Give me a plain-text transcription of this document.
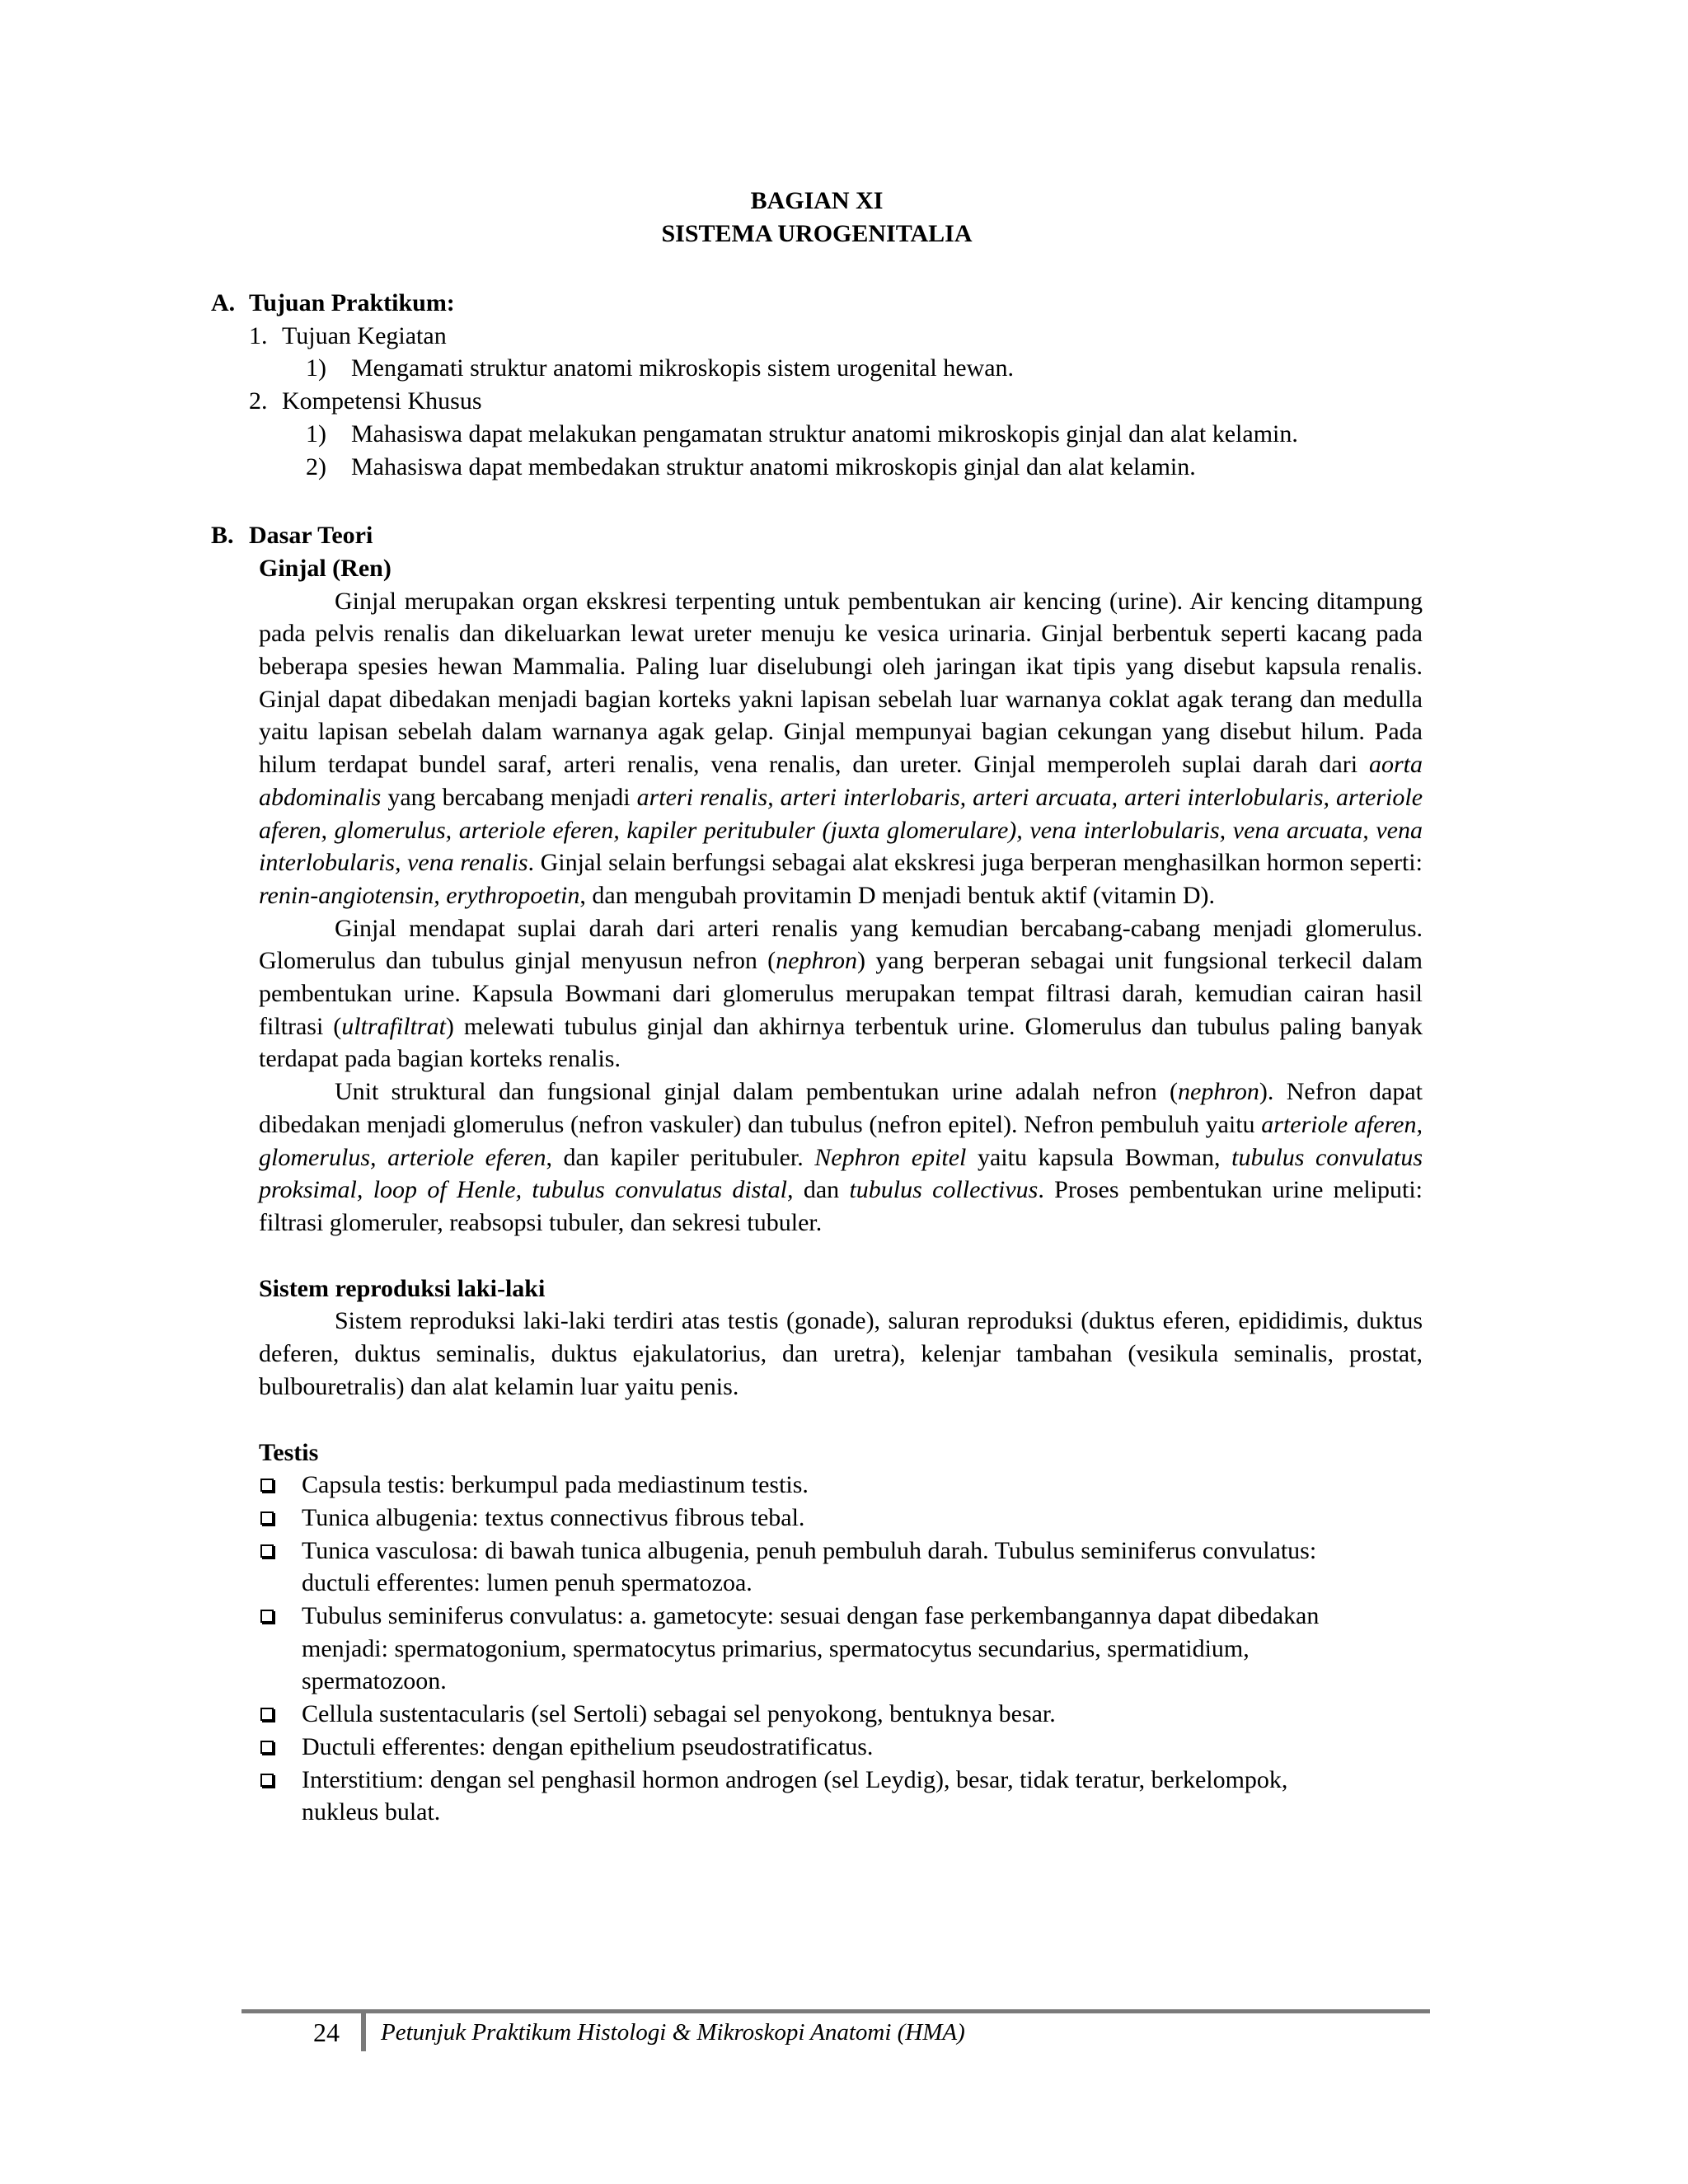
BAGIAN XI
SISTEMA UROGENITALIA
A. Tujuan Praktikum:
1. Tujuan Kegiatan
1)	Mengamati struktur anatomi mikroskopis sistem urogenital hewan.
2. Kompetensi Khusus
1)	Mahasiswa dapat melakukan pengamatan struktur anatomi mikroskopis ginjal dan alat kelamin.
2)	Mahasiswa dapat membedakan struktur anatomi mikroskopis ginjal dan alat kelamin.
B. Dasar Teori
Ginjal (Ren)
Ginjal merupakan organ ekskresi terpenting untuk pembentukan air kencing (urine). Air kencing ditampung pada pelvis renalis dan dikeluarkan lewat ureter menuju ke vesica urinaria. Ginjal berbentuk seperti kacang pada beberapa spesies hewan Mammalia. Paling luar diselubungi oleh jaringan ikat tipis yang disebut kapsula renalis. Ginjal dapat dibedakan menjadi bagian korteks yakni lapisan sebelah luar warnanya coklat agak terang dan medulla yaitu lapisan sebelah dalam warnanya agak gelap. Ginjal mempunyai bagian cekungan yang disebut hilum. Pada hilum terdapat bundel saraf, arteri renalis, vena renalis, dan ureter. Ginjal memperoleh suplai darah dari aorta abdominalis yang bercabang menjadi arteri renalis, arteri interlobaris, arteri arcuata, arteri interlobularis, arteriole aferen, glomerulus, arteriole eferen, kapiler peritubuler (juxta glomerulare), vena interlobularis, vena arcuata, vena interlobularis, vena renalis. Ginjal selain berfungsi sebagai alat ekskresi juga berperan menghasilkan hormon seperti: renin-angiotensin, erythropoetin, dan mengubah provitamin D menjadi bentuk aktif (vitamin D).
Ginjal mendapat suplai darah dari arteri renalis yang kemudian bercabang-cabang menjadi glomerulus. Glomerulus dan tubulus ginjal menyusun nefron (nephron) yang berperan sebagai unit fungsional terkecil dalam pembentukan urine. Kapsula Bowmani dari glomerulus merupakan tempat filtrasi darah, kemudian cairan hasil filtrasi (ultrafiltrat) melewati tubulus ginjal dan akhirnya terbentuk urine. Glomerulus dan tubulus paling banyak terdapat pada bagian korteks renalis.
Unit struktural dan fungsional ginjal dalam pembentukan urine adalah nefron (nephron). Nefron dapat dibedakan menjadi glomerulus (nefron vaskuler) dan tubulus (nefron epitel). Nefron pembuluh yaitu arteriole aferen, glomerulus, arteriole eferen, dan kapiler peritubuler. Nephron epitel yaitu kapsula Bowman, tubulus convulatus proksimal, loop of Henle, tubulus convulatus distal, dan tubulus collectivus. Proses pembentukan urine meliputi: filtrasi glomeruler, reabsopsi tubuler, dan sekresi tubuler.
Sistem reproduksi laki-laki
Sistem reproduksi laki-laki terdiri atas testis (gonade), saluran reproduksi (duktus eferen, epididimis, duktus deferen, duktus seminalis, duktus ejakulatorius, dan uretra), kelenjar tambahan (vesikula seminalis, prostat, bulbouretralis) dan alat kelamin luar yaitu penis.
Testis
Capsula testis: berkumpul pada mediastinum testis.
Tunica albugenia: textus connectivus fibrous tebal.
Tunica vasculosa: di bawah tunica albugenia, penuh pembuluh darah. Tubulus seminiferus convulatus: ductuli efferentes: lumen penuh spermatozoa.
Tubulus seminiferus convulatus: a. gametocyte: sesuai dengan fase perkembangannya dapat dibedakan menjadi: spermatogonium, spermatocytus primarius, spermatocytus secundarius, spermatidium, spermatozoon.
Cellula sustentacularis (sel Sertoli) sebagai sel penyokong, bentuknya besar.
Ductuli efferentes: dengan epithelium pseudostratificatus.
Interstitium: dengan sel penghasil hormon androgen (sel Leydig), besar, tidak teratur, berkelompok, nukleus bulat.
24 Petunjuk Praktikum Histologi & Mikroskopi Anatomi (HMA)
